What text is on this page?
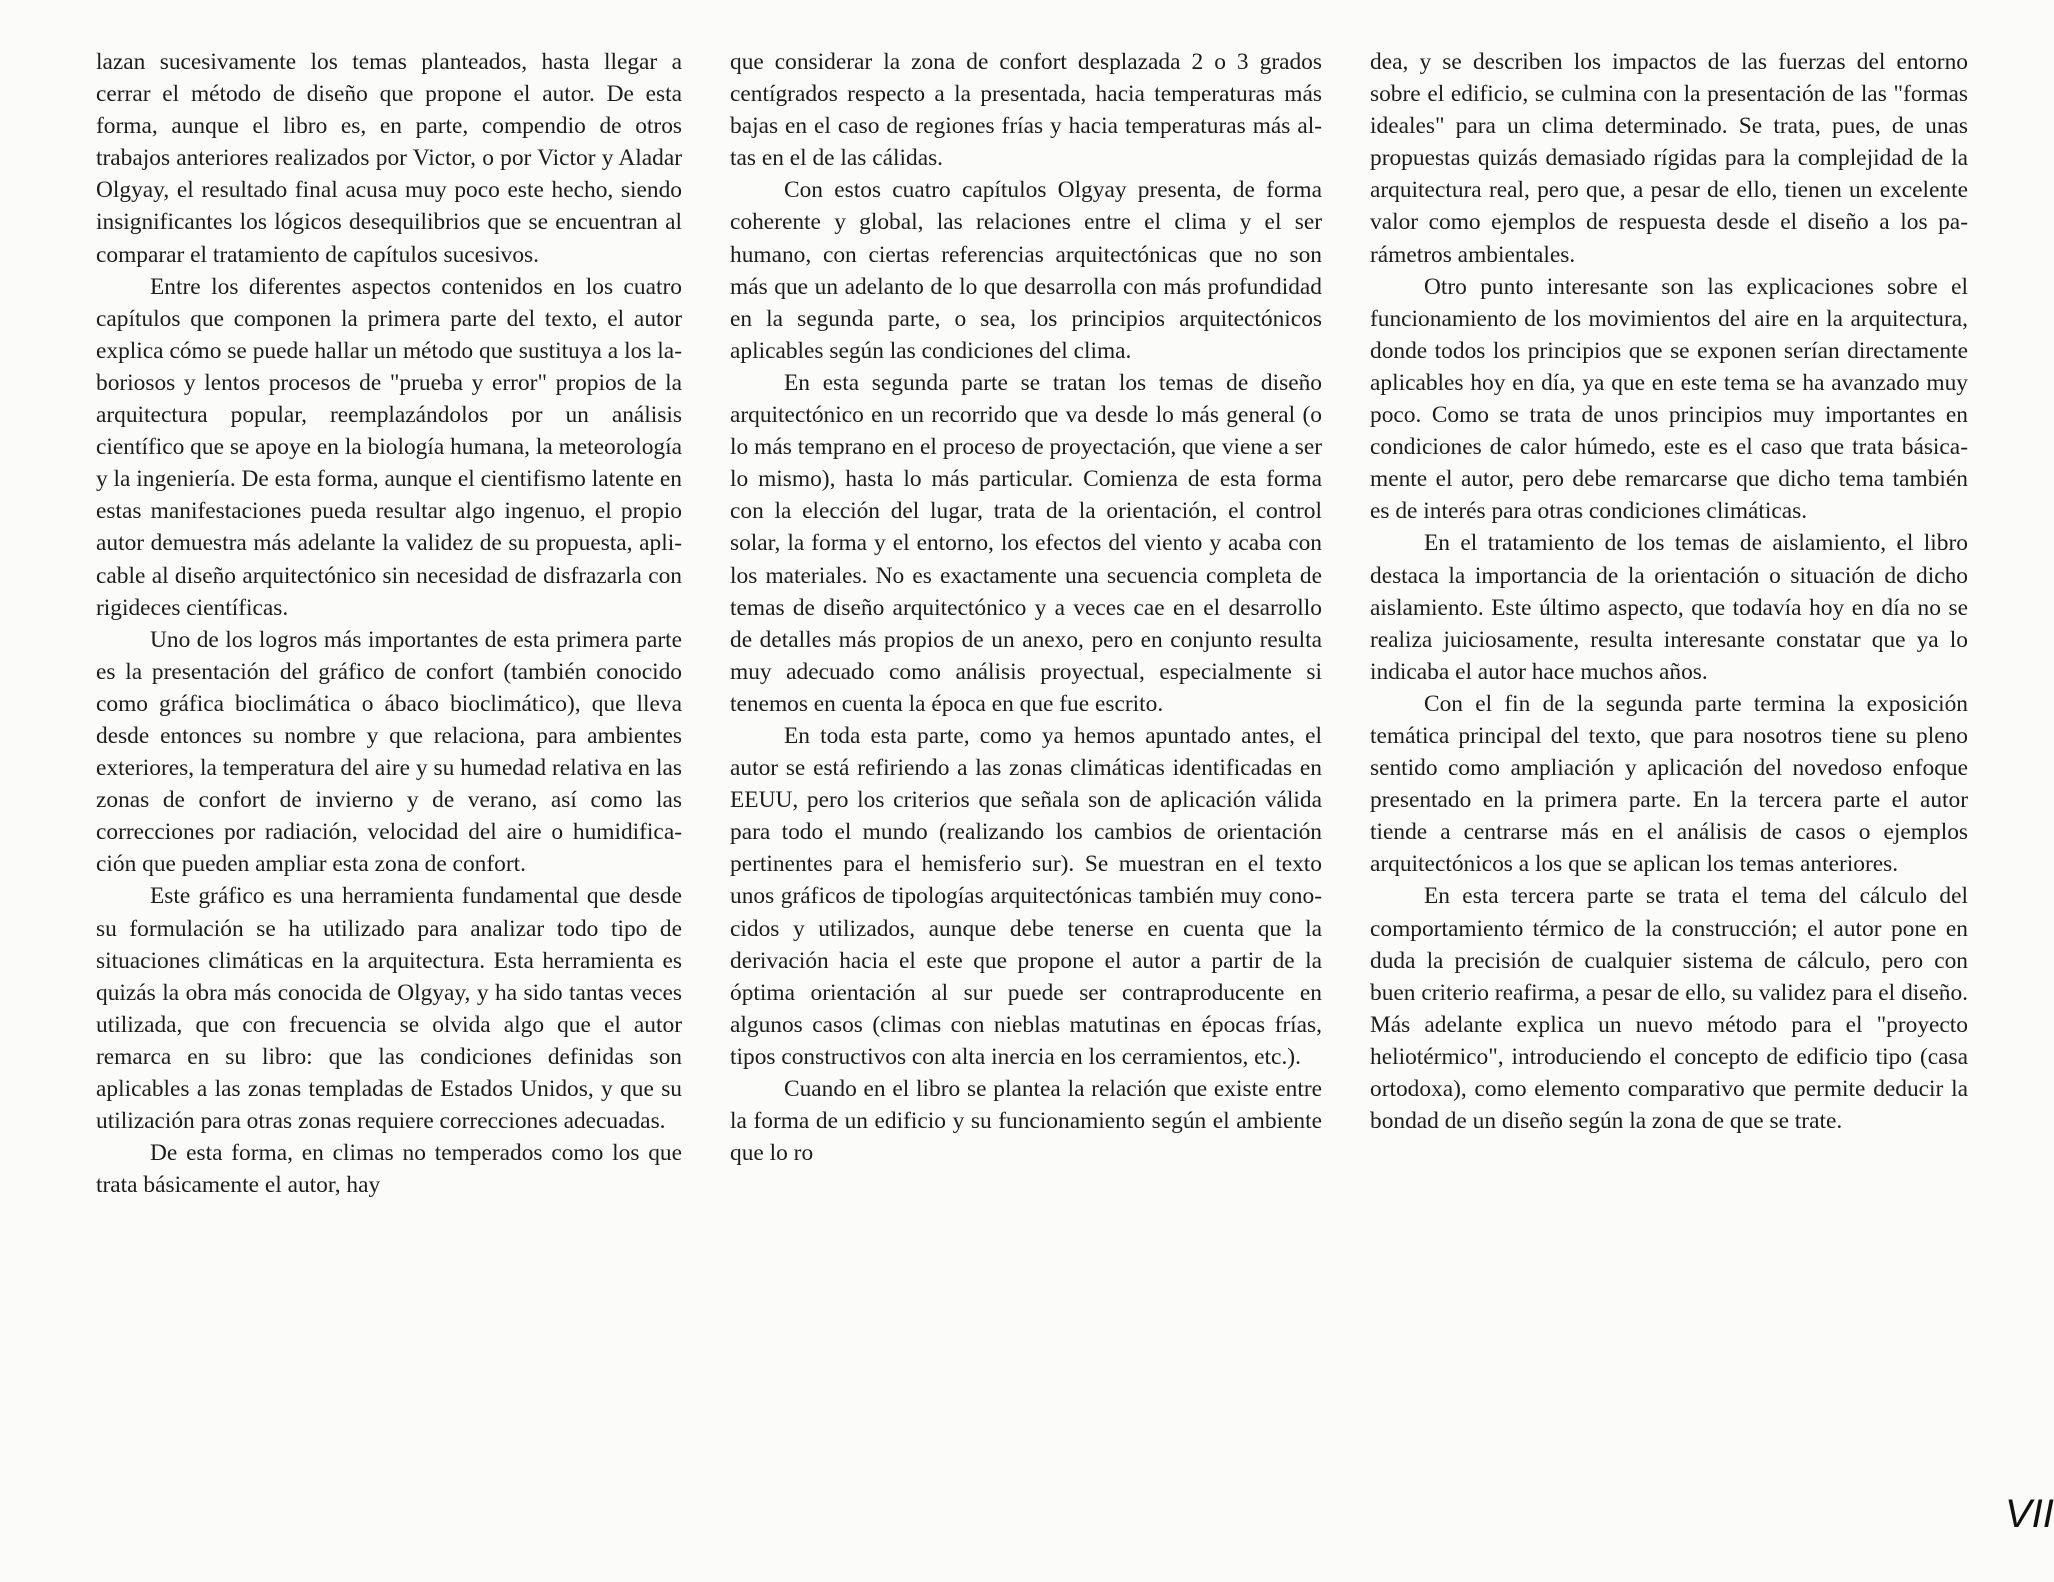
lazan sucesivamente los temas planteados, hasta llegar a cerrar el método de diseño que propone el autor. De esta forma, aunque el libro es, en parte, compendio de otros trabajos anteriores realizados por Victor, o por Victor y Aladar Olgyay, el resultado final acusa muy poco este hecho, siendo insignificantes los lógicos desequilibrios que se encuentran al comparar el tratamiento de capítulos sucesivos.

Entre los diferentes aspectos contenidos en los cuatro capítulos que componen la primera parte del texto, el autor explica cómo se puede hallar un método que sustituya a los laboriosos y lentos procesos de "prueba y error" propios de la arquitectura popular, reemplazándolos por un análisis científico que se apoye en la biología humana, la meteorología y la ingeniería. De esta forma, aunque el cientifismo latente en estas manifestaciones pueda resultar algo ingenuo, el propio autor demuestra más adelante la validez de su propuesta, aplicable al diseño arquitectónico sin necesidad de disfrazarla con rigideces científicas.

Uno de los logros más importantes de esta primera parte es la presentación del gráfico de confort (también conocido como gráfica bioclimática o ábaco bioclimático), que lleva desde entonces su nombre y que relaciona, para ambientes exteriores, la temperatura del aire y su humedad relativa en las zonas de confort de invierno y de verano, así como las correcciones por radiación, velocidad del aire o humidificación que pueden ampliar esta zona de confort.

Este gráfico es una herramienta fundamental que desde su formulación se ha utilizado para analizar todo tipo de situaciones climáticas en la arquitectura. Esta herramienta es quizás la obra más conocida de Olgyay, y ha sido tantas veces utilizada, que con frecuencia se olvida algo que el autor remarca en su libro: que las condiciones definidas son aplicables a las zonas templadas de Estados Unidos, y que su utilización para otras zonas requiere correcciones adecuadas.

De esta forma, en climas no temperados como los que trata básicamente el autor, hay

que considerar la zona de confort desplazada 2 o 3 grados centígrados respecto a la presentada, hacia temperaturas más bajas en el caso de regiones frías y hacia temperaturas más altas en el de las cálidas.

Con estos cuatro capítulos Olgyay presenta, de forma coherente y global, las relaciones entre el clima y el ser humano, con ciertas referencias arquitectónicas que no son más que un adelanto de lo que desarrolla con más profundidad en la segunda parte, o sea, los principios arquitectónicos aplicables según las condiciones del clima.

En esta segunda parte se tratan los temas de diseño arquitectónico en un recorrido que va desde lo más general (o lo más temprano en el proceso de proyectación, que viene a ser lo mismo), hasta lo más particular. Comienza de esta forma con la elección del lugar, trata de la orientación, el control solar, la forma y el entorno, los efectos del viento y acaba con los materiales. No es exactamente una secuencia completa de temas de diseño arquitectónico y a veces cae en el desarrollo de detalles más propios de un anexo, pero en conjunto resulta muy adecuado como análisis proyectual, especialmente si tenemos en cuenta la época en que fue escrito.

En toda esta parte, como ya hemos apuntado antes, el autor se está refiriendo a las zonas climáticas identificadas en EEUU, pero los criterios que señala son de aplicación válida para todo el mundo (realizando los cambios de orientación pertinentes para el hemisferio sur). Se muestran en el texto unos gráficos de tipologías arquitectónicas también muy conocidos y utilizados, aunque debe tenerse en cuenta que la derivación hacia el este que propone el autor a partir de la óptima orientación al sur puede ser contraproducente en algunos casos (climas con nieblas matutinas en épocas frías, tipos constructivos con alta inercia en los cerramientos, etc.).

Cuando en el libro se plantea la relación que existe entre la forma de un edificio y su funcionamiento según el ambiente que lo ro

dea, y se describen los impactos de las fuerzas del entorno sobre el edificio, se culmina con la presentación de las "formas ideales" para un clima determinado. Se trata, pues, de unas propuestas quizás demasiado rígidas para la complejidad de la arquitectura real, pero que, a pesar de ello, tienen un excelente valor como ejemplos de respuesta desde el diseño a los parámetros ambientales.

Otro punto interesante son las explicaciones sobre el funcionamiento de los movimientos del aire en la arquitectura, donde todos los principios que se exponen serían directamente aplicables hoy en día, ya que en este tema se ha avanzado muy poco. Como se trata de unos principios muy importantes en condiciones de calor húmedo, este es el caso que trata básicamente el autor, pero debe remarcarse que dicho tema también es de interés para otras condiciones climáticas.

En el tratamiento de los temas de aislamiento, el libro destaca la importancia de la orientación o situación de dicho aislamiento. Este último aspecto, que todavía hoy en día no se realiza juiciosamente, resulta interesante constatar que ya lo indicaba el autor hace muchos años.

Con el fin de la segunda parte termina la exposición temática principal del texto, que para nosotros tiene su pleno sentido como ampliación y aplicación del novedoso enfoque presentado en la primera parte. En la tercera parte el autor tiende a centrarse más en el análisis de casos o ejemplos arquitectónicos a los que se aplican los temas anteriores.

En esta tercera parte se trata el tema del cálculo del comportamiento térmico de la construcción; el autor pone en duda la precisión de cualquier sistema de cálculo, pero con buen criterio reafirma, a pesar de ello, su validez para el diseño. Más adelante explica un nuevo método para el "proyecto heliotérmico", introduciendo el concepto de edificio tipo (casa ortodoxa), como elemento comparativo que permite deducir la bondad de un diseño según la zona de que se trate.

VII
